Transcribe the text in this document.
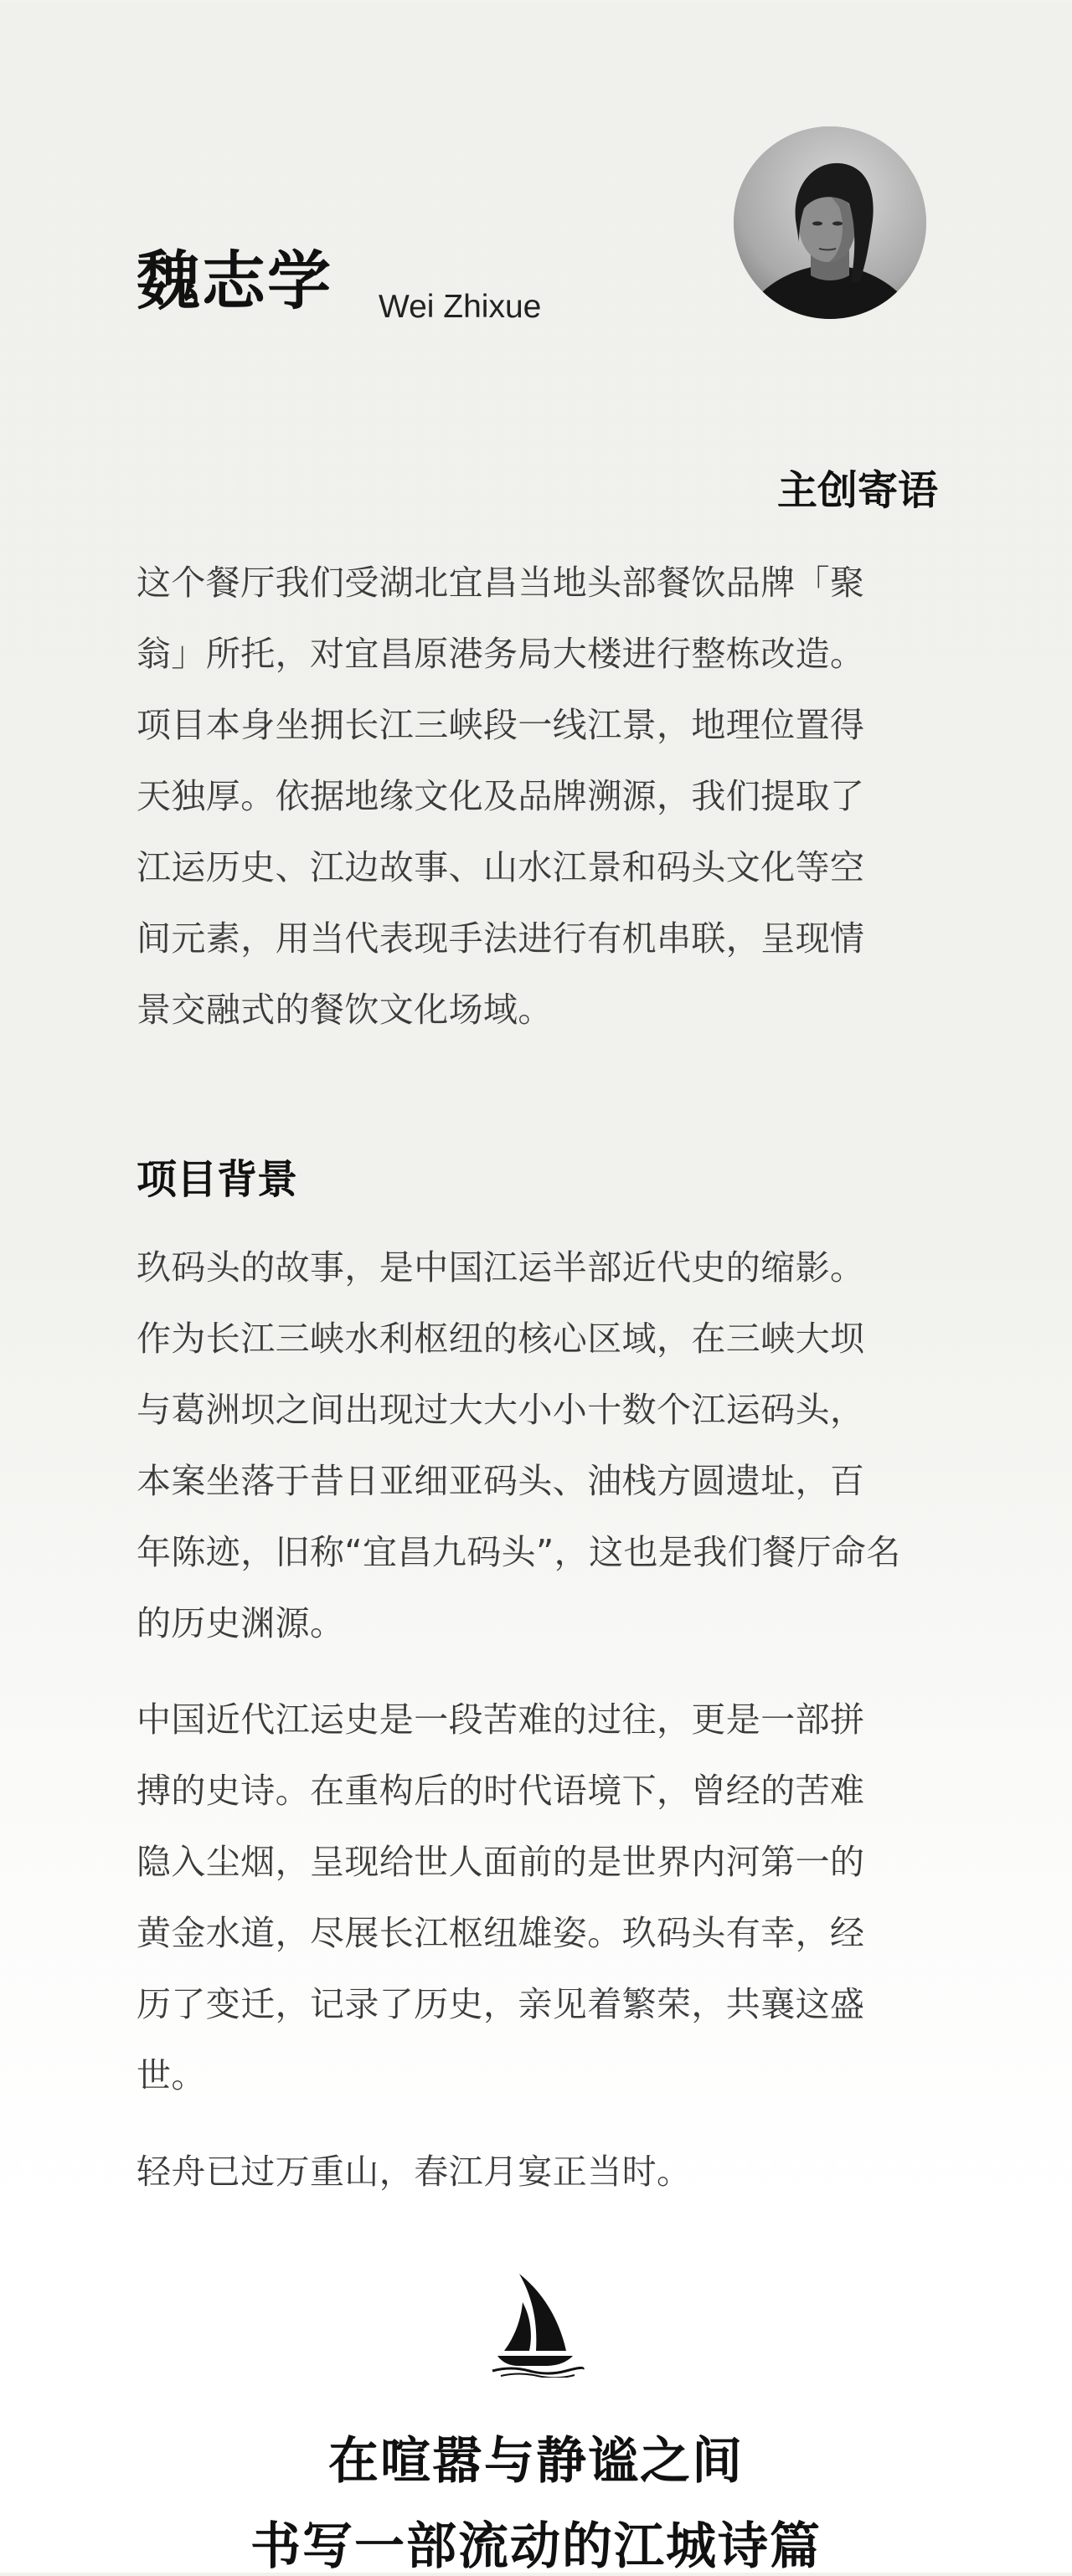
魏志学 Wei Zhixue
主创寄语
这个餐厅我们受湖北宜昌当地头部餐饮品牌「聚
翁」所托，对宜昌原港务局大楼进行整栋改造。
项目本身坐拥长江三峡段一线江景，地理位置得
天独厚。依据地缘文化及品牌溯源，我们提取了
江运历史、江边故事、山水江景和码头文化等空
间元素，用当代表现手法进行有机串联，呈现情
景交融式的餐饮文化场域。
项目背景
玖码头的故事，是中国江运半部近代史的缩影。
作为长江三峡水利枢纽的核心区域，在三峡大坝
与葛洲坝之间出现过大大小小十数个江运码头，
本案坐落于昔日亚细亚码头、油栈方圆遗址，百
年陈迹，旧称“宜昌九码头”，这也是我们餐厅命名
的历史渊源。
中国近代江运史是一段苦难的过往，更是一部拼
搏的史诗。在重构后的时代语境下，曾经的苦难
隐入尘烟，呈现给世人面前的是世界内河第一的
黄金水道，尽展长江枢纽雄姿。玖码头有幸，经
历了变迁，记录了历史，亲见着繁荣，共襄这盛
世。
轻舟已过万重山，春江月宴正当时。
在喧嚣与静谧之间
书写一部流动的江城诗篇
